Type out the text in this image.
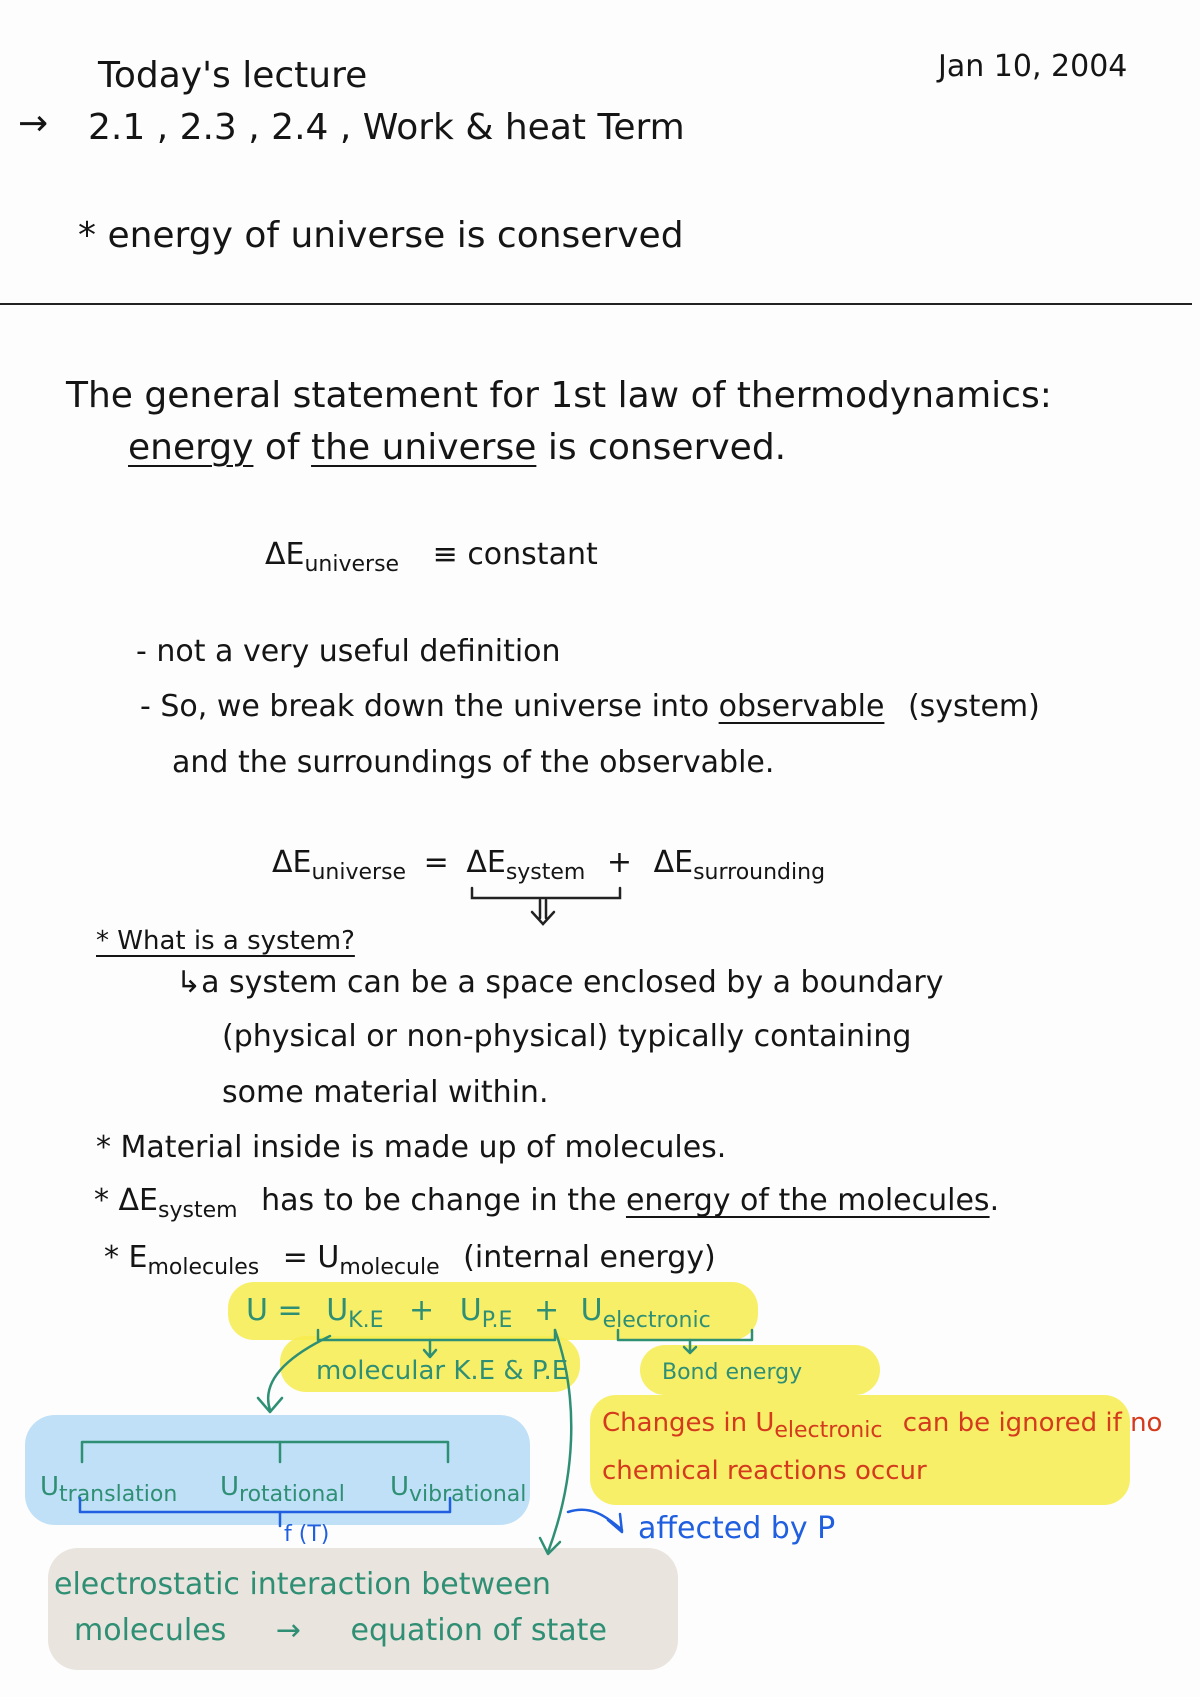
Today's lecture	Jan 10, 2004
→ 2.1 , 2.3 , 2.4 , Work & heat Term
* energy of universe is conserved
The general statement for 1st law of thermodynamics:
energy of the universe is conserved.
$\Delta E_{universe}$ ≡ constant
- not a very useful definition
- So, we break down the universe into observable (system)
and the surroundings of the observable.
$\Delta E_{universe} = \Delta E_{system} + \Delta E_{surrounding}$
* What is a system?
↳a system can be a space enclosed by a boundary
(physical or non-physical) typically containing
some material within.
* Material inside is made up of molecules.
* $\Delta E_{system}$ has to be change in the energy of the molecules.
* $E_{molecules} = U_{molecule}$ (internal energy)
$U = U_{K.E} + U_{P.E} + U_{electronic}$
molecular K.E & P.E	Bond energy
Changes in $U_{electronic}$ can be ignored if no
chemical reactions occur
$U_{translation}$ $U_{rotational}$ $U_{vibrational}$
f (T)	affected by P
electrostatic interaction between
molecules → equation of state
